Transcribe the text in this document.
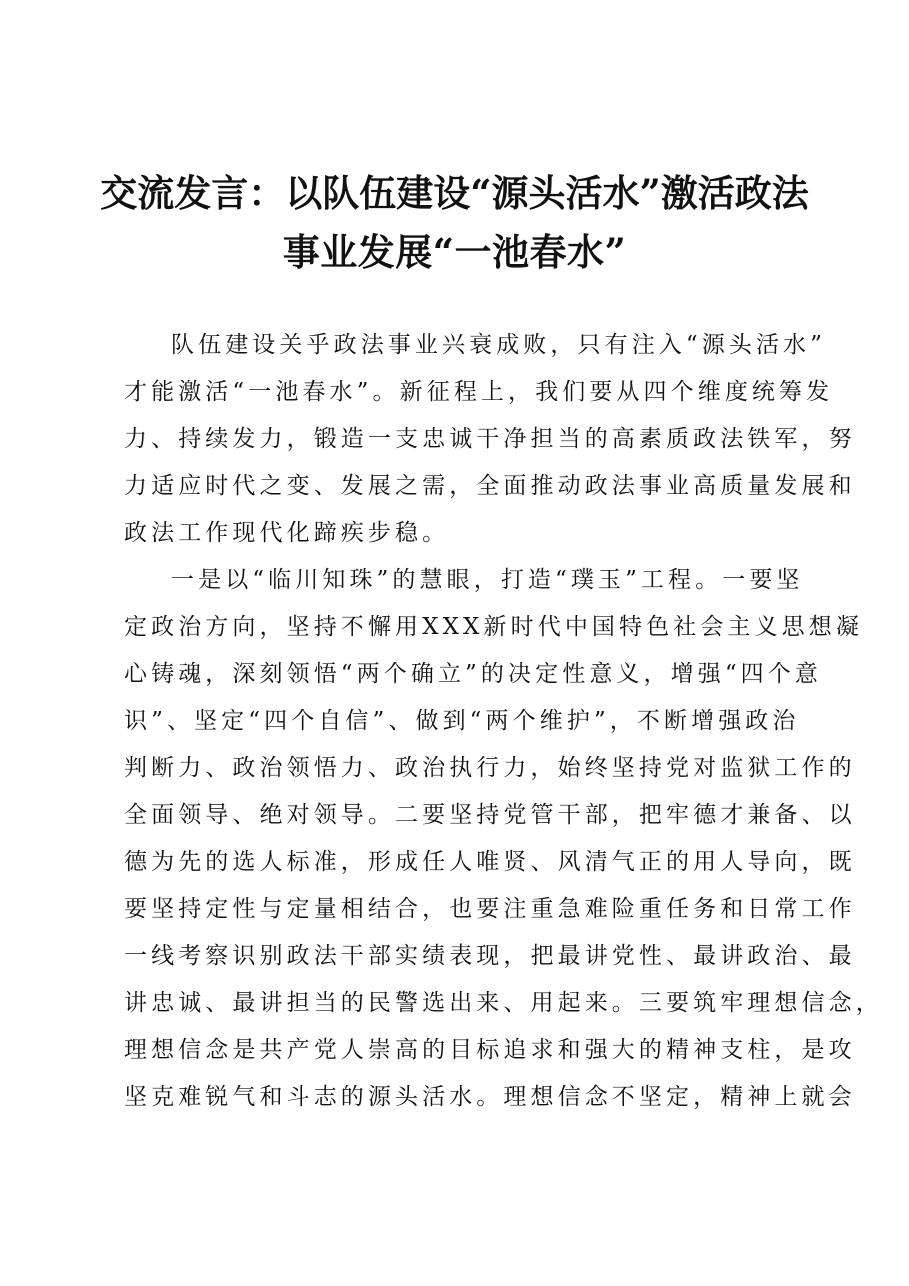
交流发言：以队伍建设“源头活水”激活政法
事业发展“一池春水”

队伍建设关乎政法事业兴衰成败，只有注入“源头活水”

才能激活“一池春水”。新征程上，我们要从四个维度统筹发

力、持续发力，锻造一支忠诚干净担当的高素质政法铁军，努

力适应时代之变、发展之需，全面推动政法事业高质量发展和

政法工作现代化蹄疾步稳。

一是以“临川知珠”的慧眼，打造“璞玉”工程。一要坚

定政治方向，坚持不懈用XXX新时代中国特色社会主义思想凝

心铸魂，深刻领悟“两个确立”的决定性意义，增强“四个意

识”、坚定“四个自信”、做到“两个维护”，不断增强政治

判断力、政治领悟力、政治执行力，始终坚持党对监狱工作的

全面领导、绝对领导。二要坚持党管干部，把牢德才兼备、以

德为先的选人标准，形成任人唯贤、风清气正的用人导向，既

要坚持定性与定量相结合，也要注重急难险重任务和日常工作

一线考察识别政法干部实绩表现，把最讲党性、最讲政治、最

讲忠诚、最讲担当的民警选出来、用起来。三要筑牢理想信念，

理想信念是共产党人崇高的目标追求和强大的精神支柱，是攻

坚克难锐气和斗志的源头活水。理想信念不坚定，精神上就会
